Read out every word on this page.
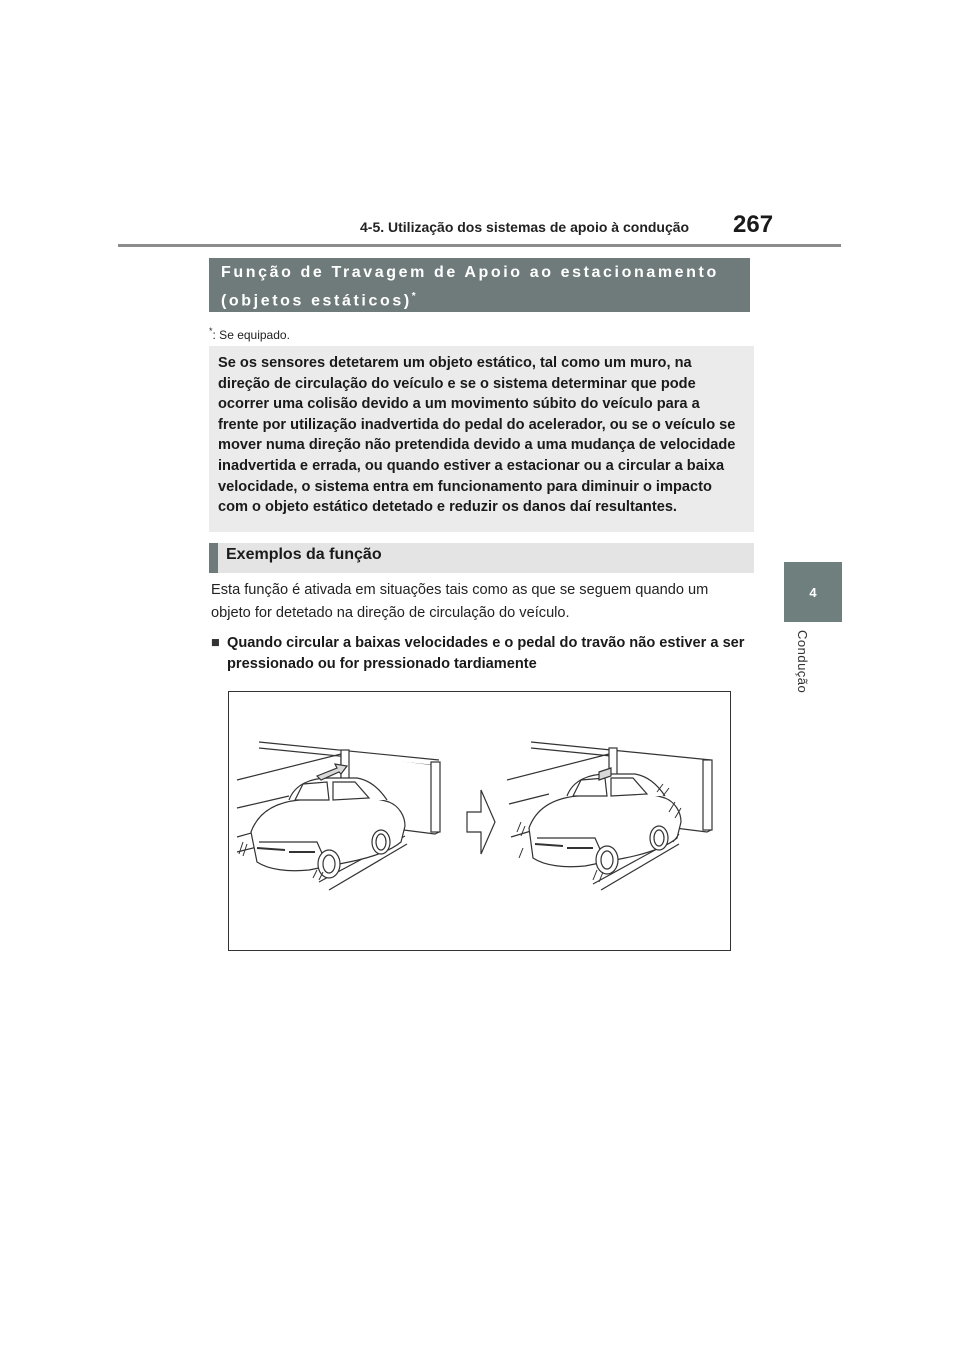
4-5. Utilização dos sistemas de apoio à condução 267
4
Condução
Função de Travagem de Apoio ao estacionamento (objetos estáticos)*
*: Se equipado.
Se os sensores detetarem um objeto estático, tal como um muro, na direção de circulação do veículo e se o sistema determinar que pode ocorrer uma colisão devido a um movimento súbito do veículo para a frente por utilização inadvertida do pedal do acelerador, ou se o veículo se mover numa direção não pretendida devido a uma mudança de velocidade inadvertida e errada, ou quando estiver a estacionar ou a circular a baixa velocidade, o sistema entra em funcionamento para diminuir o impacto com o objeto estático detetado e reduzir os danos daí resultantes.
Exemplos da função
Esta função é ativada em situações tais como as que se seguem quando um objeto for detetado na direção de circulação do veículo.
■ Quando circular a baixas velocidades e o pedal do travão não estiver a ser pressionado ou for pressionado tardiamente
